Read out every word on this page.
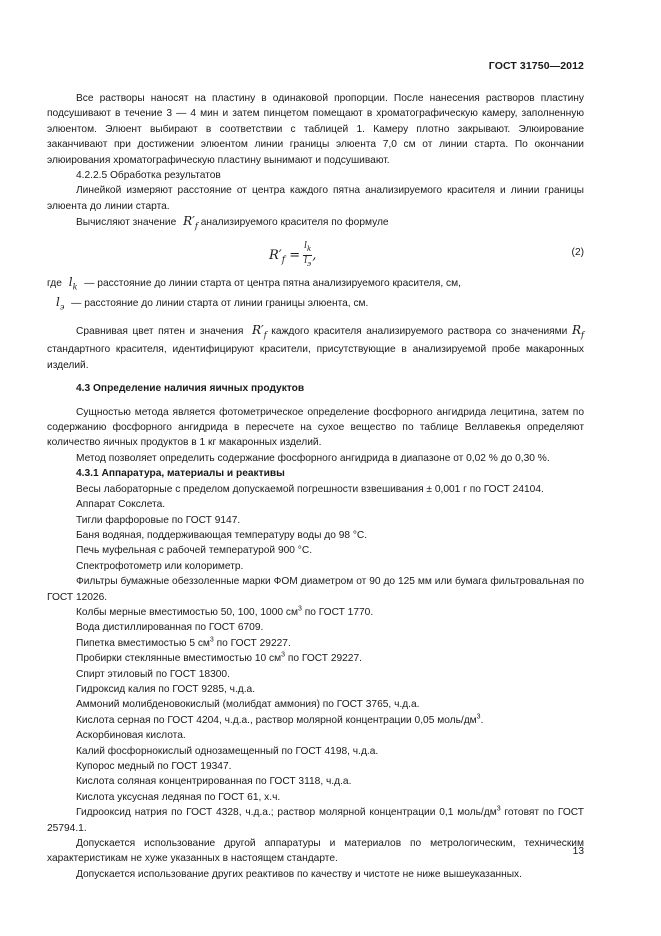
ГОСТ 31750—2012

Все растворы наносят на пластину в одинаковой пропорции. После нанесения растворов пластину подсушивают в течение 3 — 4 мин и затем пинцетом помещают в хроматографическую камеру, заполненную элюентом. Элюент выбирают в соответствии с таблицей 1. Камеру плотно закрывают. Элюирование заканчивают при достижении элюентом линии границы элюента 7,0 см от линии старта. По окончании элюирования хроматографическую пластину вынимают и подсушивают.

4.2.2.5 Обработка результатов

Линейкой измеряют расстояние от центра каждого пятна анализируемого красителя и линии границы элюента до линии старта.

Вычисляют значение $R'_f$ анализируемого красителя по формуле

$R'_f = \frac{l_k}{l_э}$ ,	(2)

где $l_k$ — расстояние до линии старта от центра пятна анализируемого красителя, см,

$l_э$ — расстояние до линии старта от линии границы элюента, см.

Сравнивая цвет пятен и значения $R'_f$ каждого красителя анализируемого раствора со значениями $R_f$ стандартного красителя, идентифицируют красители, присутствующие в анализируемой пробе макаронных изделий.

4.3 Определение наличия яичных продуктов

Сущностью метода является фотометрическое определение фосфорного ангидрида лецитина, затем по содержанию фосфорного ангидрида в пересчете на сухое вещество по таблице Веллавекья определяют количество яичных продуктов в 1 кг макаронных изделий.

Метод позволяет определить содержание фосфорного ангидрида в диапазоне от 0,02 % до 0,30 %.

4.3.1 Аппаратура, материалы и реактивы

Весы лабораторные с пределом допускаемой погрешности взвешивания ± 0,001 г по ГОСТ 24104.

Аппарат Сокслета.

Тигли фарфоровые по ГОСТ 9147.

Баня водяная, поддерживающая температуру воды до 98 °С.

Печь муфельная с рабочей температурой 900 °С.

Спектрофотометр или колориметр.

Фильтры бумажные обеззоленные марки ФОМ диаметром от 90 до 125 мм или бумага фильтровальная по ГОСТ 12026.

Колбы мерные вместимостью 50, 100, 1000 $см^3$ по ГОСТ 1770.

Вода дистиллированная по ГОСТ 6709.

Пипетка вместимостью 5 $см^3$ по ГОСТ 29227.

Пробирки стеклянные вместимостью 10 $см^3$ по ГОСТ 29227.

Спирт этиловый по ГОСТ 18300.

Гидроксид калия по ГОСТ 9285, ч.д.а.

Аммоний молибденовокислый (молибдат аммония) по ГОСТ 3765, ч.д.а.

Кислота серная по ГОСТ 4204, ч.д.а., раствор молярной концентрации 0,05 моль/$дм^3$.

Аскорбиновая кислота.

Калий фосфорнокислый однозамещенный по ГОСТ 4198, ч.д.а.

Купорос медный по ГОСТ 19347.

Кислота соляная концентрированная по ГОСТ 3118, ч.д.а.

Кислота уксусная ледяная по ГОСТ 61, х.ч.

Гидрооксид натрия по ГОСТ 4328, ч.д.а.; раствор молярной концентрации 0,1 моль/$дм^3$ готовят по ГОСТ 25794.1.

Допускается использование другой аппаратуры и материалов по метрологическим, техническим характеристикам не хуже указанных в настоящем стандарте.

Допускается использование других реактивов по качеству и чистоте не ниже вышеуказанных.

13
